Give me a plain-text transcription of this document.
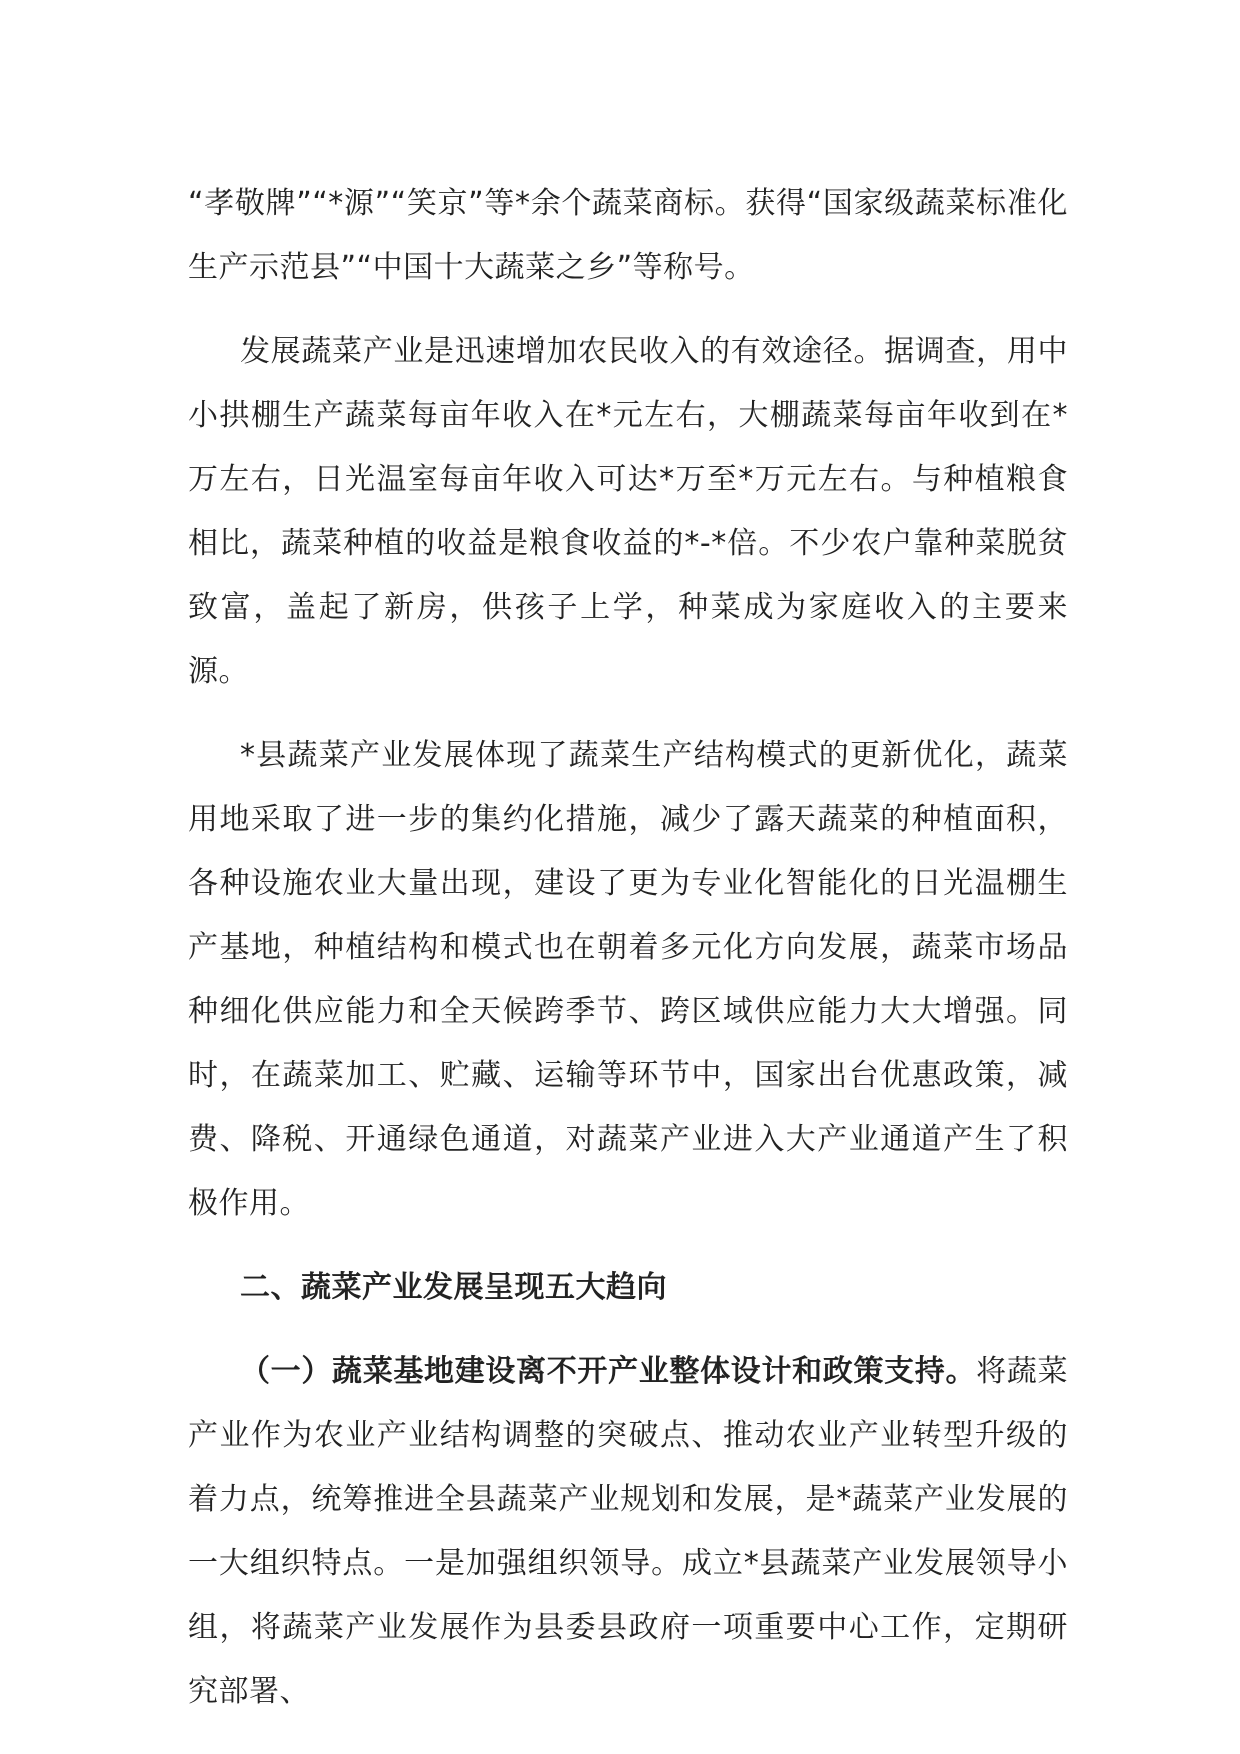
“孝敬牌”“*源”“笑京”等*余个蔬菜商标。获得“国家级蔬菜标准化生产示范县”“中国十大蔬菜之乡”等称号。

发展蔬菜产业是迅速增加农民收入的有效途径。据调查，用中小拱棚生产蔬菜每亩年收入在*元左右，大棚蔬菜每亩年收到在*万左右，日光温室每亩年收入可达*万至*万元左右。与种植粮食相比，蔬菜种植的收益是粮食收益的*-*倍。不少农户靠种菜脱贫致富，盖起了新房，供孩子上学，种菜成为家庭收入的主要来源。

*县蔬菜产业发展体现了蔬菜生产结构模式的更新优化，蔬菜用地采取了进一步的集约化措施，减少了露天蔬菜的种植面积，各种设施农业大量出现，建设了更为专业化智能化的日光温棚生产基地，种植结构和模式也在朝着多元化方向发展，蔬菜市场品种细化供应能力和全天候跨季节、跨区域供应能力大大增强。同时，在蔬菜加工、贮藏、运输等环节中，国家出台优惠政策，减费、降税、开通绿色通道，对蔬菜产业进入大产业通道产生了积极作用。

二、蔬菜产业发展呈现五大趋向

（一）蔬菜基地建设离不开产业整体设计和政策支持。将蔬菜产业作为农业产业结构调整的突破点、推动农业产业转型升级的着力点，统筹推进全县蔬菜产业规划和发展，是*蔬菜产业发展的一大组织特点。一是加强组织领导。成立*县蔬菜产业发展领导小组，将蔬菜产业发展作为县委县政府一项重要中心工作，定期研究部署、
